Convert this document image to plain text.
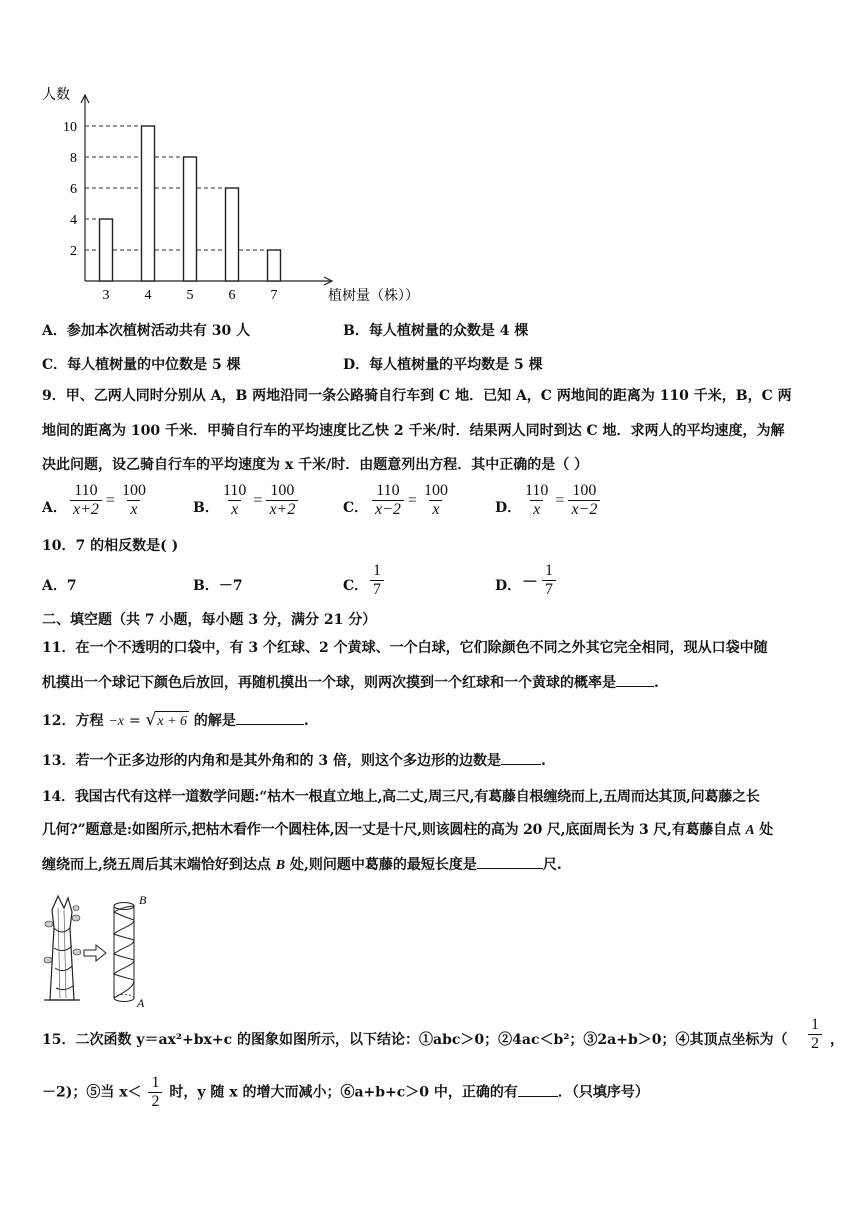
2
4
6
8
10
3	4	5	6	7
人数
植树量（株））
A．参加本次植树活动共有 30 人	B．每人植树量的众数是 4 棵
C．每人植树量的中位数是 5 棵	D．每人植树量的平均数是 5 棵
9．甲、乙两人同时分别从 A，B 两地沿同一条公路骑自行车到 C 地．已知 A，C 两地间的距离为 110 千米，B，C 两
地间的距离为 100 千米．甲骑自行车的平均速度比乙快 2 千米/时．结果两人同时到达 C 地．求两人的平均速度，为解
决此问题，设乙骑自行车的平均速度为 x 千米/时．由题意列出方程．其中正确的是（ ）
A． $\frac{110}{x+2} = \frac{100}{x}$	B． $\frac{110}{x} = \frac{100}{x+2}$	C． $\frac{110}{x-2} = \frac{100}{x}$	D． $\frac{110}{x} = \frac{100}{x-2}$
10．7 的相反数是( )
A．7	B．－7	C． $\frac{1}{7}$	D． － $\frac{1}{7}$
二、填空题（共 7 小题，每小题 3 分，满分 21 分）
11．在一个不透明的口袋中，有 3 个红球、2 个黄球、一个白球，它们除颜色不同之外其它完全相同，现从口袋中随
机摸出一个球记下颜色后放回，再随机摸出一个球，则两次摸到一个红球和一个黄球的概率是	.
12．方程 −x = √x + 6 的解是	.
13．若一个正多边形的内角和是其外角和的 3 倍，则这个多边形的边数是	.
14．我国古代有这样一道数学问题:“枯木一根直立地上,高二丈,周三尺,有葛藤自根缠绕而上,五周而达其顶,问葛藤之长
几何?”题意是:如图所示,把枯木看作一个圆柱体,因一丈是十尺,则该圆柱的高为 20 尺,底面周长为 3 尺,有葛藤自点 A 处
缠绕而上,绕五周后其末端恰好到达点 B 处,则问题中葛藤的最短长度是	尺.
B
A
15．二次函数 y＝ax²+bx+c 的图象如图所示，以下结论：①abc＞0；②4ac＜b²；③2a+b＞0；④其顶点坐标为（ $\frac{1}{2}$ ，
－2)；⑤当 $x< \frac{1}{2}$ 时，y 随 x 的增大而减小；⑥a+b+c＞0 中，正确的有	．（只填序号）
